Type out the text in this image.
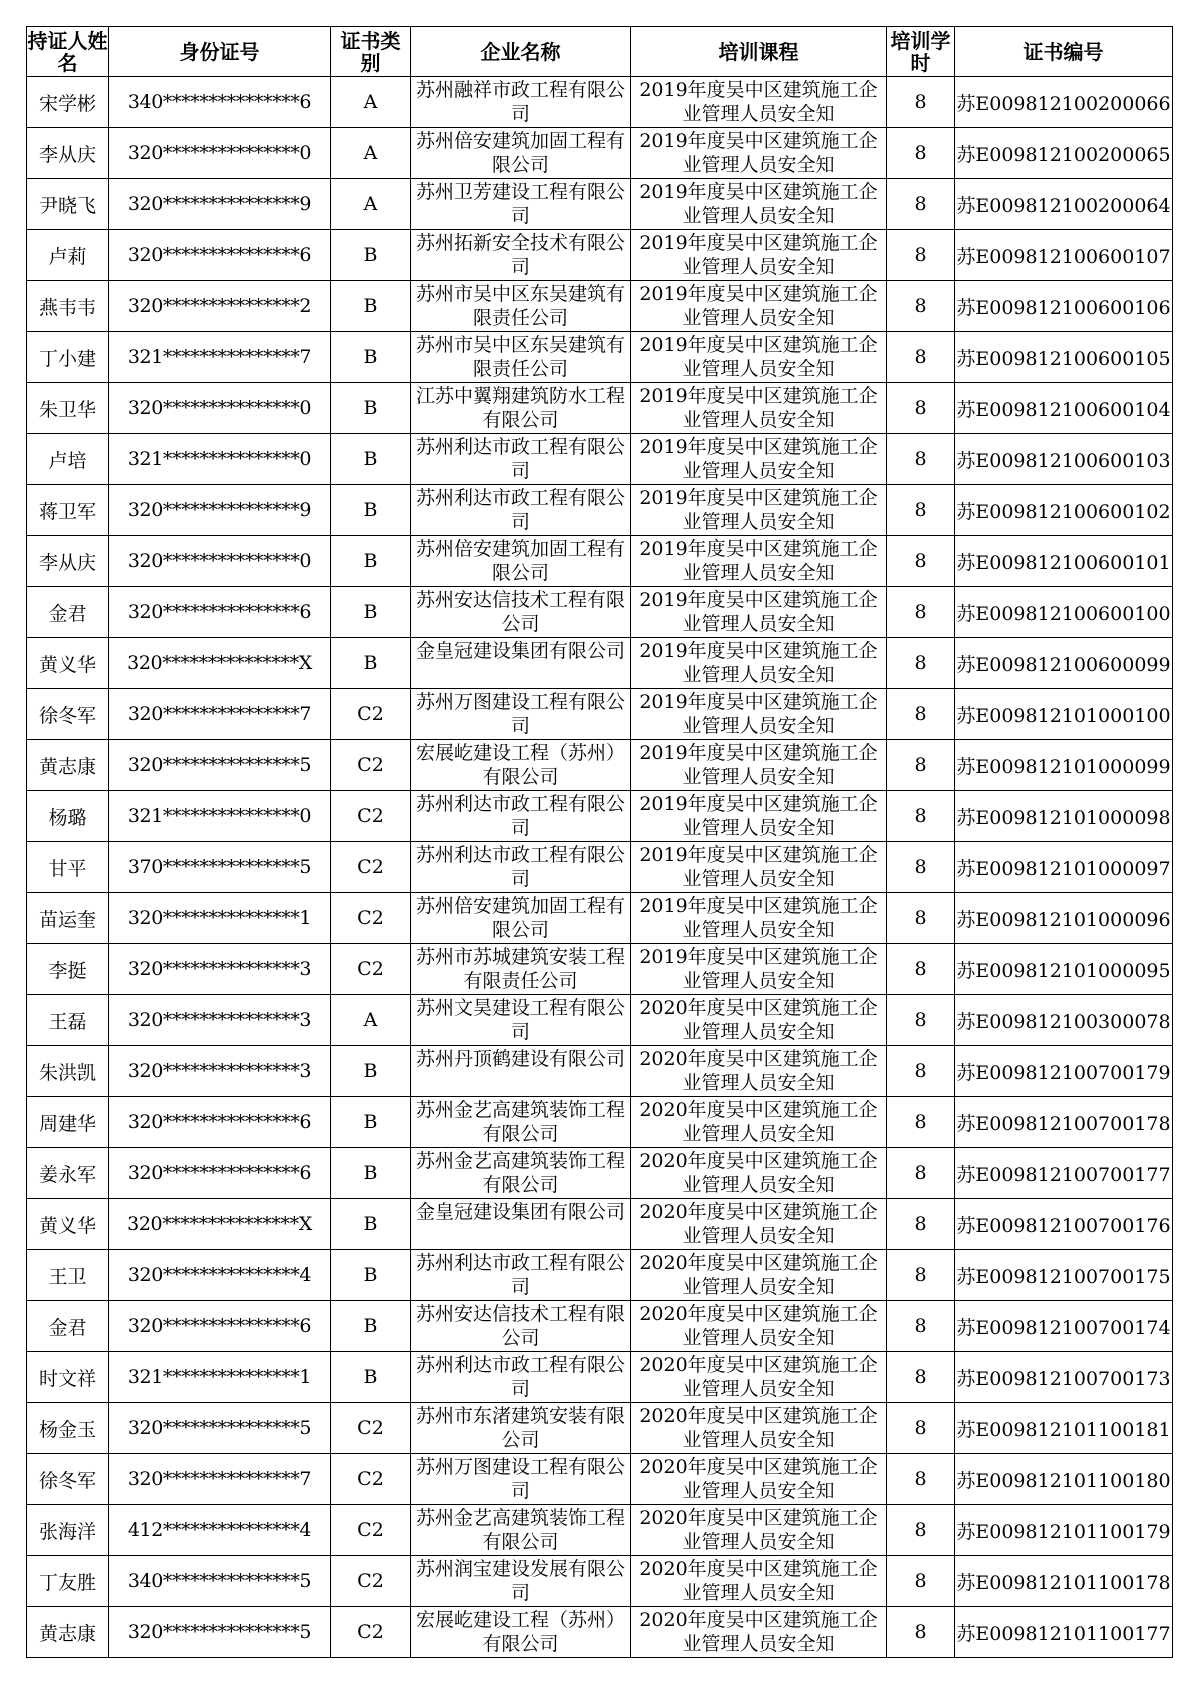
持证人姓名	身份证号	证书类别	企业名称	培训课程	培训学时	证书编号
宋学彬	340***************6	A	苏州融祥市政工程有限公司	2019年度吴中区建筑施工企业管理人员安全知	8	苏E009812100200066
李从庆	320***************0	A	苏州倍安建筑加固工程有限公司	2019年度吴中区建筑施工企业管理人员安全知	8	苏E009812100200065
尹晓飞	320***************9	A	苏州卫芳建设工程有限公司	2019年度吴中区建筑施工企业管理人员安全知	8	苏E009812100200064
卢莉	320***************6	B	苏州拓新安全技术有限公司	2019年度吴中区建筑施工企业管理人员安全知	8	苏E009812100600107
燕韦韦	320***************2	B	苏州市吴中区东吴建筑有限责任公司	2019年度吴中区建筑施工企业管理人员安全知	8	苏E009812100600106
丁小建	321***************7	B	苏州市吴中区东吴建筑有限责任公司	2019年度吴中区建筑施工企业管理人员安全知	8	苏E009812100600105
朱卫华	320***************0	B	江苏中翼翔建筑防水工程有限公司	2019年度吴中区建筑施工企业管理人员安全知	8	苏E009812100600104
卢培	321***************0	B	苏州利达市政工程有限公司	2019年度吴中区建筑施工企业管理人员安全知	8	苏E009812100600103
蒋卫军	320***************9	B	苏州利达市政工程有限公司	2019年度吴中区建筑施工企业管理人员安全知	8	苏E009812100600102
李从庆	320***************0	B	苏州倍安建筑加固工程有限公司	2019年度吴中区建筑施工企业管理人员安全知	8	苏E009812100600101
金君	320***************6	B	苏州安达信技术工程有限公司	2019年度吴中区建筑施工企业管理人员安全知	8	苏E009812100600100
黄义华	320***************X	B	金皇冠建设集团有限公司	2019年度吴中区建筑施工企业管理人员安全知	8	苏E009812100600099
徐冬军	320***************7	C2	苏州万图建设工程有限公司	2019年度吴中区建筑施工企业管理人员安全知	8	苏E009812101000100
黄志康	320***************5	C2	宏展屹建设工程（苏州）有限公司	2019年度吴中区建筑施工企业管理人员安全知	8	苏E009812101000099
杨璐	321***************0	C2	苏州利达市政工程有限公司	2019年度吴中区建筑施工企业管理人员安全知	8	苏E009812101000098
甘平	370***************5	C2	苏州利达市政工程有限公司	2019年度吴中区建筑施工企业管理人员安全知	8	苏E009812101000097
苗运奎	320***************1	C2	苏州倍安建筑加固工程有限公司	2019年度吴中区建筑施工企业管理人员安全知	8	苏E009812101000096
李挺	320***************3	C2	苏州市苏城建筑安装工程有限责任公司	2019年度吴中区建筑施工企业管理人员安全知	8	苏E009812101000095
王磊	320***************3	A	苏州文昊建设工程有限公司	2020年度吴中区建筑施工企业管理人员安全知	8	苏E009812100300078
朱洪凯	320***************3	B	苏州丹顶鹤建设有限公司	2020年度吴中区建筑施工企业管理人员安全知	8	苏E009812100700179
周建华	320***************6	B	苏州金艺高建筑装饰工程有限公司	2020年度吴中区建筑施工企业管理人员安全知	8	苏E009812100700178
姜永军	320***************6	B	苏州金艺高建筑装饰工程有限公司	2020年度吴中区建筑施工企业管理人员安全知	8	苏E009812100700177
黄义华	320***************X	B	金皇冠建设集团有限公司	2020年度吴中区建筑施工企业管理人员安全知	8	苏E009812100700176
王卫	320***************4	B	苏州利达市政工程有限公司	2020年度吴中区建筑施工企业管理人员安全知	8	苏E009812100700175
金君	320***************6	B	苏州安达信技术工程有限公司	2020年度吴中区建筑施工企业管理人员安全知	8	苏E009812100700174
时文祥	321***************1	B	苏州利达市政工程有限公司	2020年度吴中区建筑施工企业管理人员安全知	8	苏E009812100700173
杨金玉	320***************5	C2	苏州市东渚建筑安装有限公司	2020年度吴中区建筑施工企业管理人员安全知	8	苏E009812101100181
徐冬军	320***************7	C2	苏州万图建设工程有限公司	2020年度吴中区建筑施工企业管理人员安全知	8	苏E009812101100180
张海洋	412***************4	C2	苏州金艺高建筑装饰工程有限公司	2020年度吴中区建筑施工企业管理人员安全知	8	苏E009812101100179
丁友胜	340***************5	C2	苏州润宝建设发展有限公司	2020年度吴中区建筑施工企业管理人员安全知	8	苏E009812101100178
黄志康	320***************5	C2	宏展屹建设工程（苏州）有限公司	2020年度吴中区建筑施工企业管理人员安全知	8	苏E009812101100177
